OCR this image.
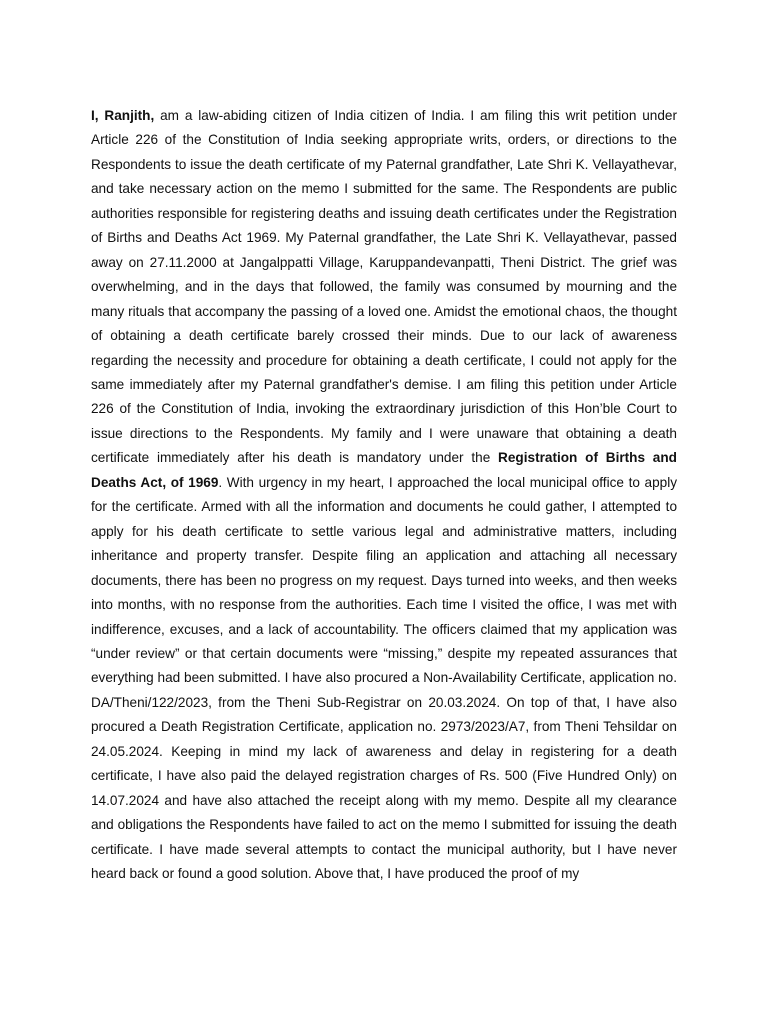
I, Ranjith, am a law-abiding citizen of India citizen of India. I am filing this writ petition under Article 226 of the Constitution of India seeking appropriate writs, orders, or directions to the Respondents to issue the death certificate of my Paternal grandfather, Late Shri K. Vellayathevar, and take necessary action on the memo I submitted for the same. The Respondents are public authorities responsible for registering deaths and issuing death certificates under the Registration of Births and Deaths Act 1969. My Paternal grandfather, the Late Shri K. Vellayathevar, passed away on 27.11.2000 at Jangalppatti Village, Karuppandevanpatti, Theni District. The grief was overwhelming, and in the days that followed, the family was consumed by mourning and the many rituals that accompany the passing of a loved one. Amidst the emotional chaos, the thought of obtaining a death certificate barely crossed their minds. Due to our lack of awareness regarding the necessity and procedure for obtaining a death certificate, I could not apply for the same immediately after my Paternal grandfather's demise. I am filing this petition under Article 226 of the Constitution of India, invoking the extraordinary jurisdiction of this Hon’ble Court to issue directions to the Respondents. My family and I were unaware that obtaining a death certificate immediately after his death is mandatory under the Registration of Births and Deaths Act, of 1969. With urgency in my heart, I approached the local municipal office to apply for the certificate. Armed with all the information and documents he could gather, I attempted to apply for his death certificate to settle various legal and administrative matters, including inheritance and property transfer. Despite filing an application and attaching all necessary documents, there has been no progress on my request. Days turned into weeks, and then weeks into months, with no response from the authorities. Each time I visited the office, I was met with indifference, excuses, and a lack of accountability. The officers claimed that my application was “under review” or that certain documents were “missing,” despite my repeated assurances that everything had been submitted. I have also procured a Non-Availability Certificate, application no. DA/Theni/122/2023, from the Theni Sub-Registrar on 20.03.2024. On top of that, I have also procured a Death Registration Certificate, application no. 2973/2023/A7, from Theni Tehsildar on 24.05.2024. Keeping in mind my lack of awareness and delay in registering for a death certificate, I have also paid the delayed registration charges of Rs. 500 (Five Hundred Only) on 14.07.2024 and have also attached the receipt along with my memo. Despite all my clearance and obligations the Respondents have failed to act on the memo I submitted for issuing the death certificate. I have made several attempts to contact the municipal authority, but I have never heard back or found a good solution. Above that, I have produced the proof of my
